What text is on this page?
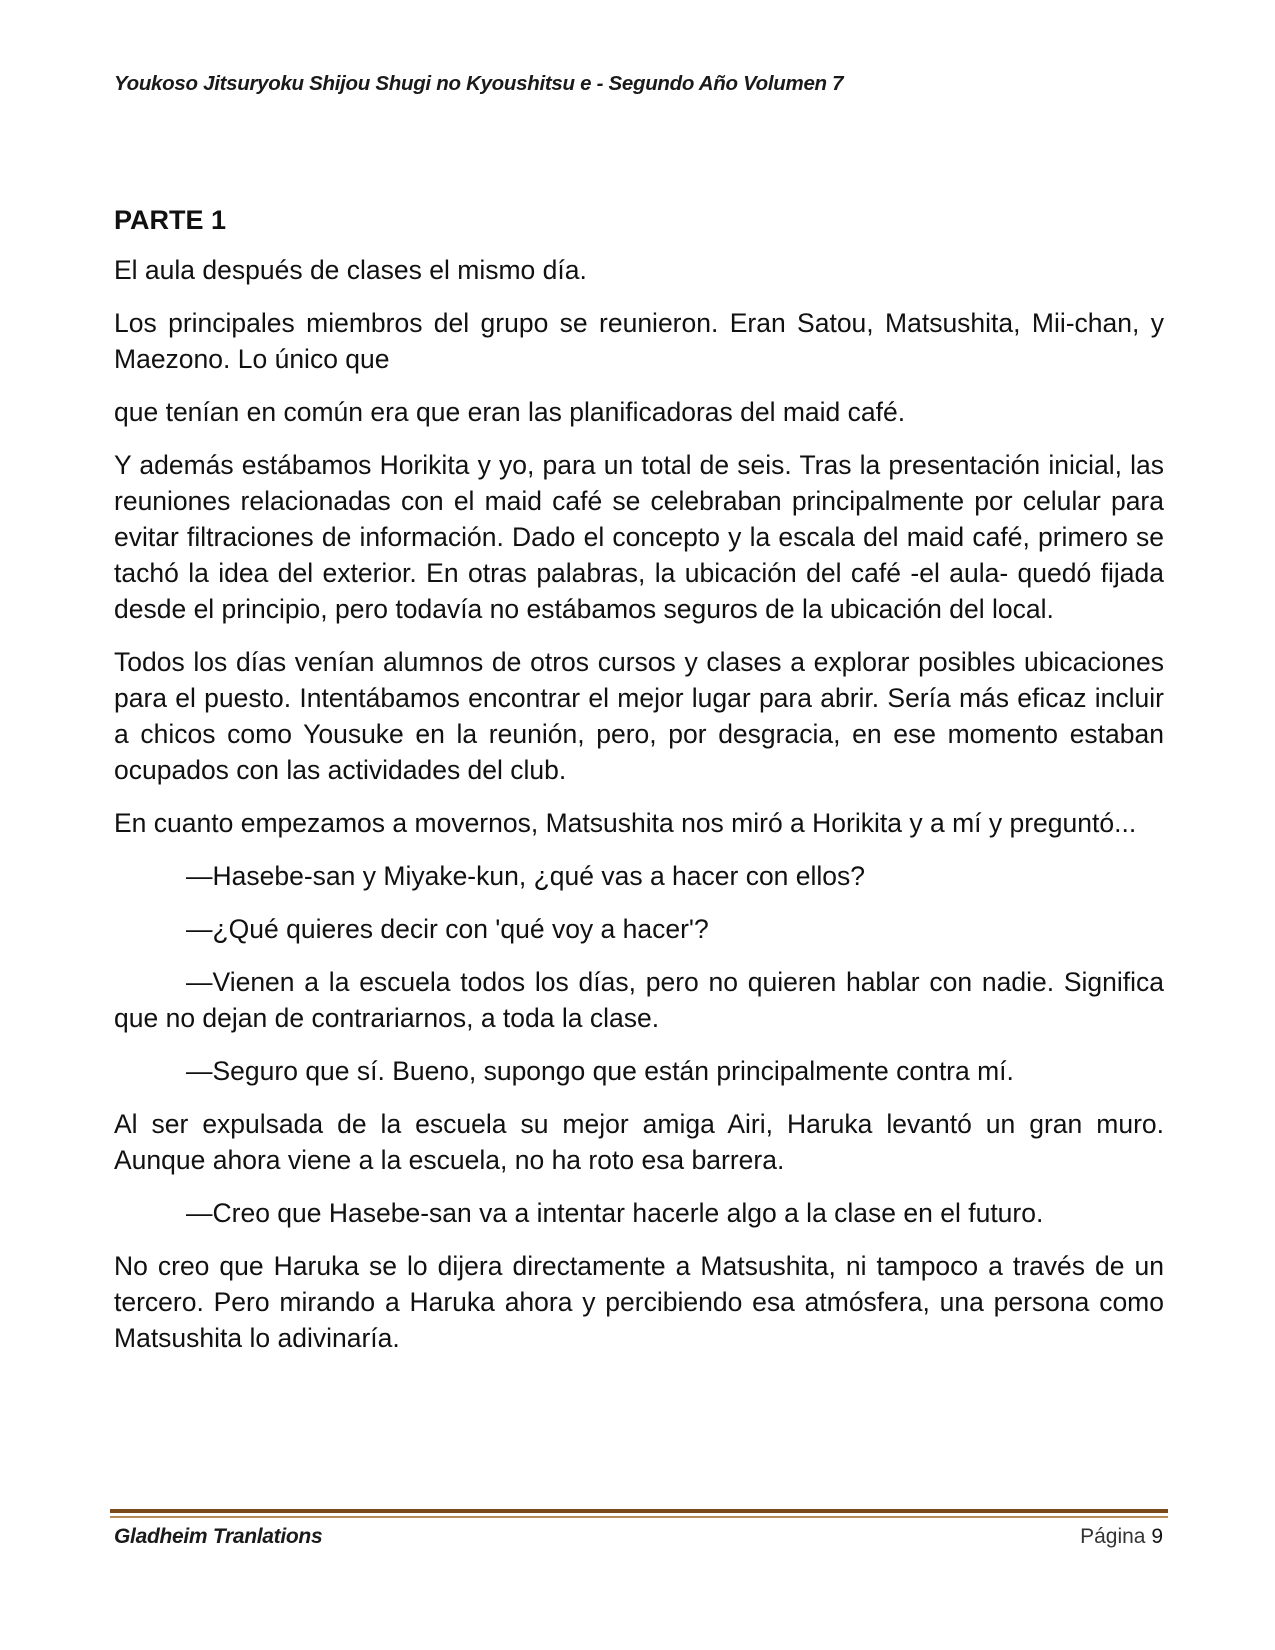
Youkoso Jitsuryoku Shijou Shugi no Kyoushitsu e - Segundo Año Volumen 7
PARTE 1

El aula después de clases el mismo día.

Los principales miembros del grupo se reunieron. Eran Satou, Matsushita, Mii-chan, y Maezono. Lo único que

que tenían en común era que eran las planificadoras del maid café.

Y además estábamos Horikita y yo, para un total de seis. Tras la presentación inicial, las reuniones relacionadas con el maid café se celebraban principalmente por celular para evitar filtraciones de información. Dado el concepto y la escala del maid café, primero se tachó la idea del exterior. En otras palabras, la ubicación del café -el aula- quedó fijada desde el principio, pero todavía no estábamos seguros de la ubicación del local.

Todos los días venían alumnos de otros cursos y clases a explorar posibles ubicaciones para el puesto. Intentábamos encontrar el mejor lugar para abrir. Sería más eficaz incluir a chicos como Yousuke en la reunión, pero, por desgracia, en ese momento estaban ocupados con las actividades del club.

En cuanto empezamos a movernos, Matsushita nos miró a Horikita y a mí y preguntó...

—Hasebe-san y Miyake-kun, ¿qué vas a hacer con ellos?

—¿Qué quieres decir con 'qué voy a hacer'?

—Vienen a la escuela todos los días, pero no quieren hablar con nadie. Significa que no dejan de contrariarnos, a toda la clase.

—Seguro que sí. Bueno, supongo que están principalmente contra mí.

Al ser expulsada de la escuela su mejor amiga Airi, Haruka levantó un gran muro. Aunque ahora viene a la escuela, no ha roto esa barrera.

—Creo que Hasebe-san va a intentar hacerle algo a la clase en el futuro.

No creo que Haruka se lo dijera directamente a Matsushita, ni tampoco a través de un tercero. Pero mirando a Haruka ahora y percibiendo esa atmósfera, una persona como Matsushita lo adivinaría.

Gladheim Tranlations	Página 9
